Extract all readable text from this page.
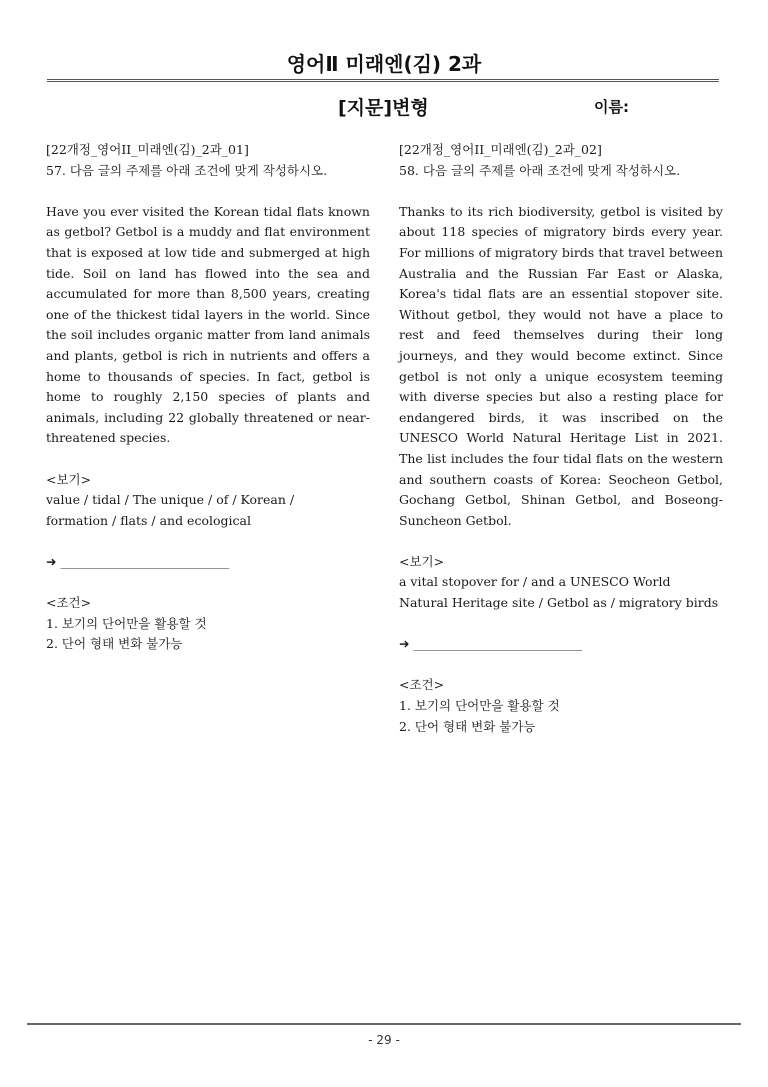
영어Ⅱ 미래엔(김) 2과
[지문]변형	이름:
[22개정_영어II_미래엔(김)_2과_01]
57. 다음 글의 주제를 아래 조건에 맞게 작성하시오.
Have you ever visited the Korean tidal flats known as getbol? Getbol is a muddy and flat environment that is exposed at low tide and submerged at high tide. Soil on land has flowed into the sea and accumulated for more than 8,500 years, creating one of the thickest tidal layers in the world. Since the soil includes organic matter from land animals and plants, getbol is rich in nutrients and offers a home to thousands of species. In fact, getbol is home to roughly 2,150 species of plants and animals, including 22 globally threatened or near-threatened species.
<보기>
value / tidal / The unique / of / Korean /
formation / flats / and ecological
➜ ___________________________
<조건>
1. 보기의 단어만을 활용할 것
2. 단어 형태 변화 불가능
[22개정_영어II_미래엔(김)_2과_02]
58. 다음 글의 주제를 아래 조건에 맞게 작성하시오.
Thanks to its rich biodiversity, getbol is visited by about 118 species of migratory birds every year. For millions of migratory birds that travel between Australia and the Russian Far East or Alaska, Korea's tidal flats are an essential stopover site. Without getbol, they would not have a place to rest and feed themselves during their long journeys, and they would become extinct. Since getbol is not only a unique ecosystem teeming with diverse species but also a resting place for endangered birds, it was inscribed on the UNESCO World Natural Heritage List in 2021. The list includes the four tidal flats on the western and southern coasts of Korea: Seocheon Getbol, Gochang Getbol, Shinan Getbol, and Boseong-Suncheon Getbol.
<보기>
a vital stopover for / and a UNESCO World
Natural Heritage site / Getbol as / migratory birds
➜ ___________________________
<조건>
1. 보기의 단어만을 활용할 것
2. 단어 형태 변화 불가능
- 29 -
